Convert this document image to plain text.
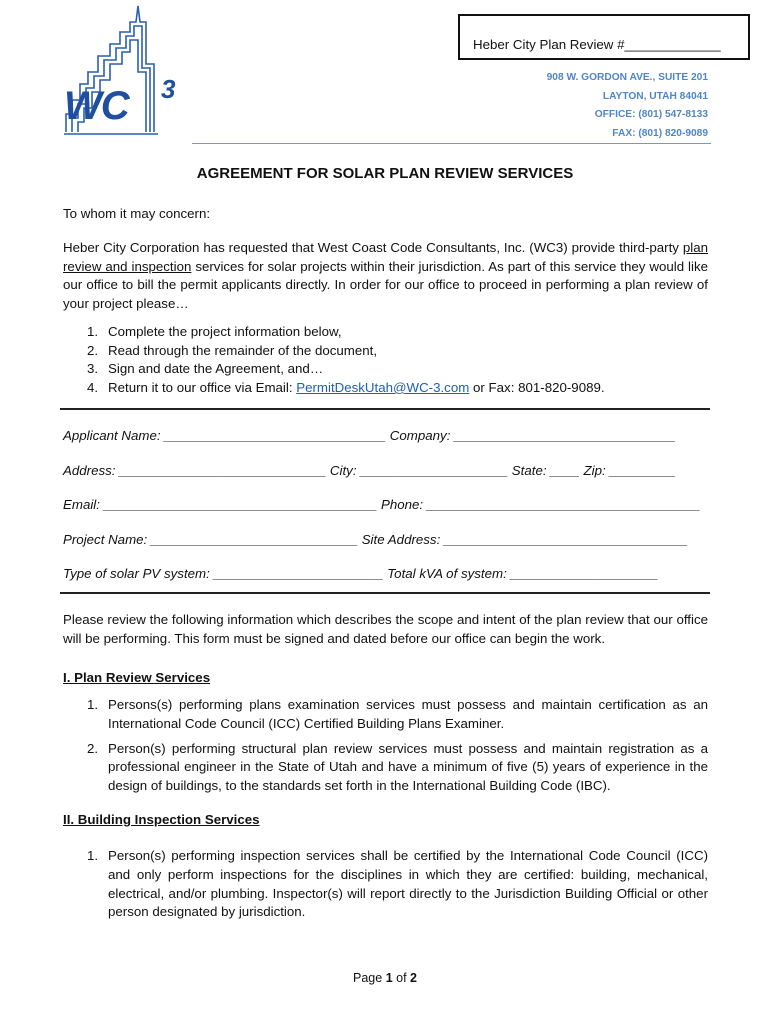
WC 3
Heber City Plan Review #_____________
908 W. GORDON AVE., SUITE 201
LAYTON, UTAH 84041
OFFICE: (801) 547-8133
FAX: (801) 820-9089
AGREEMENT FOR SOLAR PLAN REVIEW SERVICES
To whom it may concern:
Heber City Corporation has requested that West Coast Code Consultants, Inc. (WC3) provide third-party plan review and inspection services for solar projects within their jurisdiction. As part of this service they would like our office to bill the permit applicants directly. In order for our office to proceed in performing a plan review of your project please…
1. Complete the project information below,
2. Read through the remainder of the document,
3. Sign and date the Agreement, and…
4. Return it to our office via Email: PermitDeskUtah@WC-3.com or Fax: 801-820-9089.
Applicant Name: ______________________________ Company: ______________________________
Address: ____________________________ City: ____________________ State: ____ Zip: _________
Email: _____________________________________ Phone: _____________________________________
Project Name: ____________________________ Site Address: _________________________________
Type of solar PV system: _______________________ Total kVA of system: ____________________
Please review the following information which describes the scope and intent of the plan review that our office will be performing. This form must be signed and dated before our office can begin the work.
I. Plan Review Services
1. Persons(s) performing plans examination services must possess and maintain certification as an International Code Council (ICC) Certified Building Plans Examiner.
2. Person(s) performing structural plan review services must possess and maintain registration as a professional engineer in the State of Utah and have a minimum of five (5) years of experience in the design of buildings, to the standards set forth in the International Building Code (IBC).
II. Building Inspection Services
1. Person(s) performing inspection services shall be certified by the International Code Council (ICC) and only perform inspections for the disciplines in which they are certified: building, mechanical, electrical, and/or plumbing. Inspector(s) will report directly to the Jurisdiction Building Official or other person designated by jurisdiction.
Page 1 of 2
